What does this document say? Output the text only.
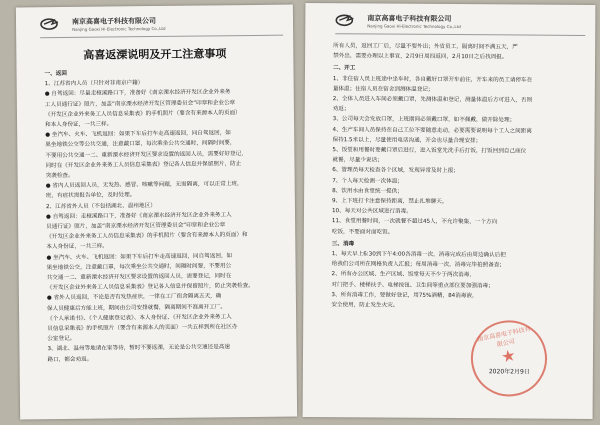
南京高喜电子科技有限公司
Nanjing Gaoxi Hi-Electronic Technology Co.,Ltd
高喜返溧说明及开工注意事项
一、返回
1、江苏省内人员（只针对非南京户籍）
● 自驾返回：尽量走桠溪路口下，准备好《南京溧水经济开发区企业外来务
工人员通行证》照片，加盖“南京溧水经济开发区管理委员会”印章和企业公章
《开发区企业外来务工人员信息采集表》的手机照片（要含有来源本人的页面）
和本人身份证，一共三样。
● 坐汽车、火车、飞机返回：如果下车后打车走高速返回，同自驾返回，如
果坐地铁公交等公共交通，注意戴口罩，每次乘坐公共交通时，间隔时间要，
不要用公共交通一二、重新溧水经济开发区要求设置的返回人员，需要好好登记，
同时在《开发区企业外来务工人员信息采集表》登记各人信息并保留照片，防止
突袭检查。
● 省内人员返回人员，无发热、感冒、咳嗽等问题，无需隔离，可以正常上班，
班，有症状需报告单位，及时处理。
2、江苏省外人员（不包括湖北、温州地区）
● 自驾返回：走桠溪路口下，准备好《南京溧水经济开发区企业外来务工人
员通行证》照片，加盖“南京溧水经济开发区管理委员会”印章和企业公章
《开发区企业外来务工人员信息采集表》的手机照片（要含有来源本人的页面）和
本人身份证，一共三样。
● 坐汽车、火车、飞机返回：如果下车后打车走高速返回，同自驾返回，如
果坐地铁公交，注意戴口罩，每次乘坐公共交通时，间隔时间要，不要用公
共交通一二、重新溧水经济开发区要求设置的返回人员，需要登记，同时在
《开发区企业外来务工人员信息采集表》登记各人信息并保留照片，防止突袭检查。
● 省外人员返回，不论是否有发热症状，一律在工厂宿舍隔离五天，确
保人员健康后方能上班，期间由公司安排就餐，隔离期间不准离开工厂。
《个人承诺书》、《个人健康登记表》、本人身份证、《开发区企业外来务工人
员信息采集表》的手机照片（要含有来源本人的页面）一共五样到所在社区办
公室登记。
3、湖北、温州等地请在家等待，暂时不要返溧，无论是公共交通还是高速
路口，都会劝返。
南京高喜电子科技有限公司
Nanjing Gaoxi Hi-Electronic Technology Co.,Ltd
所有人员，返回工厂后，尽量不要外出；外省员工，隔离时间不满五天，严
禁外出，需要办理以上事宜，2月9日周四返回，2月10日之后找周报。
二、开工
1、非住宿人员上班途中坐车时，各自戴好口罩开车前往，开车来的员工请停车在
量体温；住宿人员在宿舍到测体温登记；
2、全体人员进入车间必须戴口罩，先测体温和登记，测量体温后方可进入，否则
劝返；
3、公司每天会发放口罩，上班期间必须戴口罩，如不佩戴，做开除处理；
4、生产车间人员保持在自己工位不要随意走动，必要需要说明每个工人之间距离
保持1.5米以上，尽量使用电话沟通，开会也尽量合理安排；
5、饭堂和用餐时要戴口罩后进行，进入饭堂先洗手后打饭，打饭回到自己座位
就餐，尽量少说话；
6、管理员每天检查各个区域，发现异常及时上报；
7、个人每天检测一次体温；
8、饮用水由食堂统一提供；
9、上下班打卡注意保持距离，禁止扎堆聊天。
10、每天对公共区域进行消毒。
11、食堂用餐时间，一次就餐不超过45人，不允许聚集，一个方向
吃饭，不要面对面吃饭。
三、消毒
1、每天早上6:30到下午4:00各消毒一次，消毒完成后由周边确认后把
给我们公司所在网格负责人汇报；每周消毒一次，消毒完毕拍照备查；
2、所有办公区域、生产区域、饭堂每天不少于两次消毒，
对门把手、楼梯扶手、电梯按钮、卫生间等重点部位要加强消毒；
3、所有消毒工作，要做好登记，用75%酒精，84消毒液，
安全使用，防止发生火灾。
南京高喜电子科技有限公司
★
2020年2月9日
